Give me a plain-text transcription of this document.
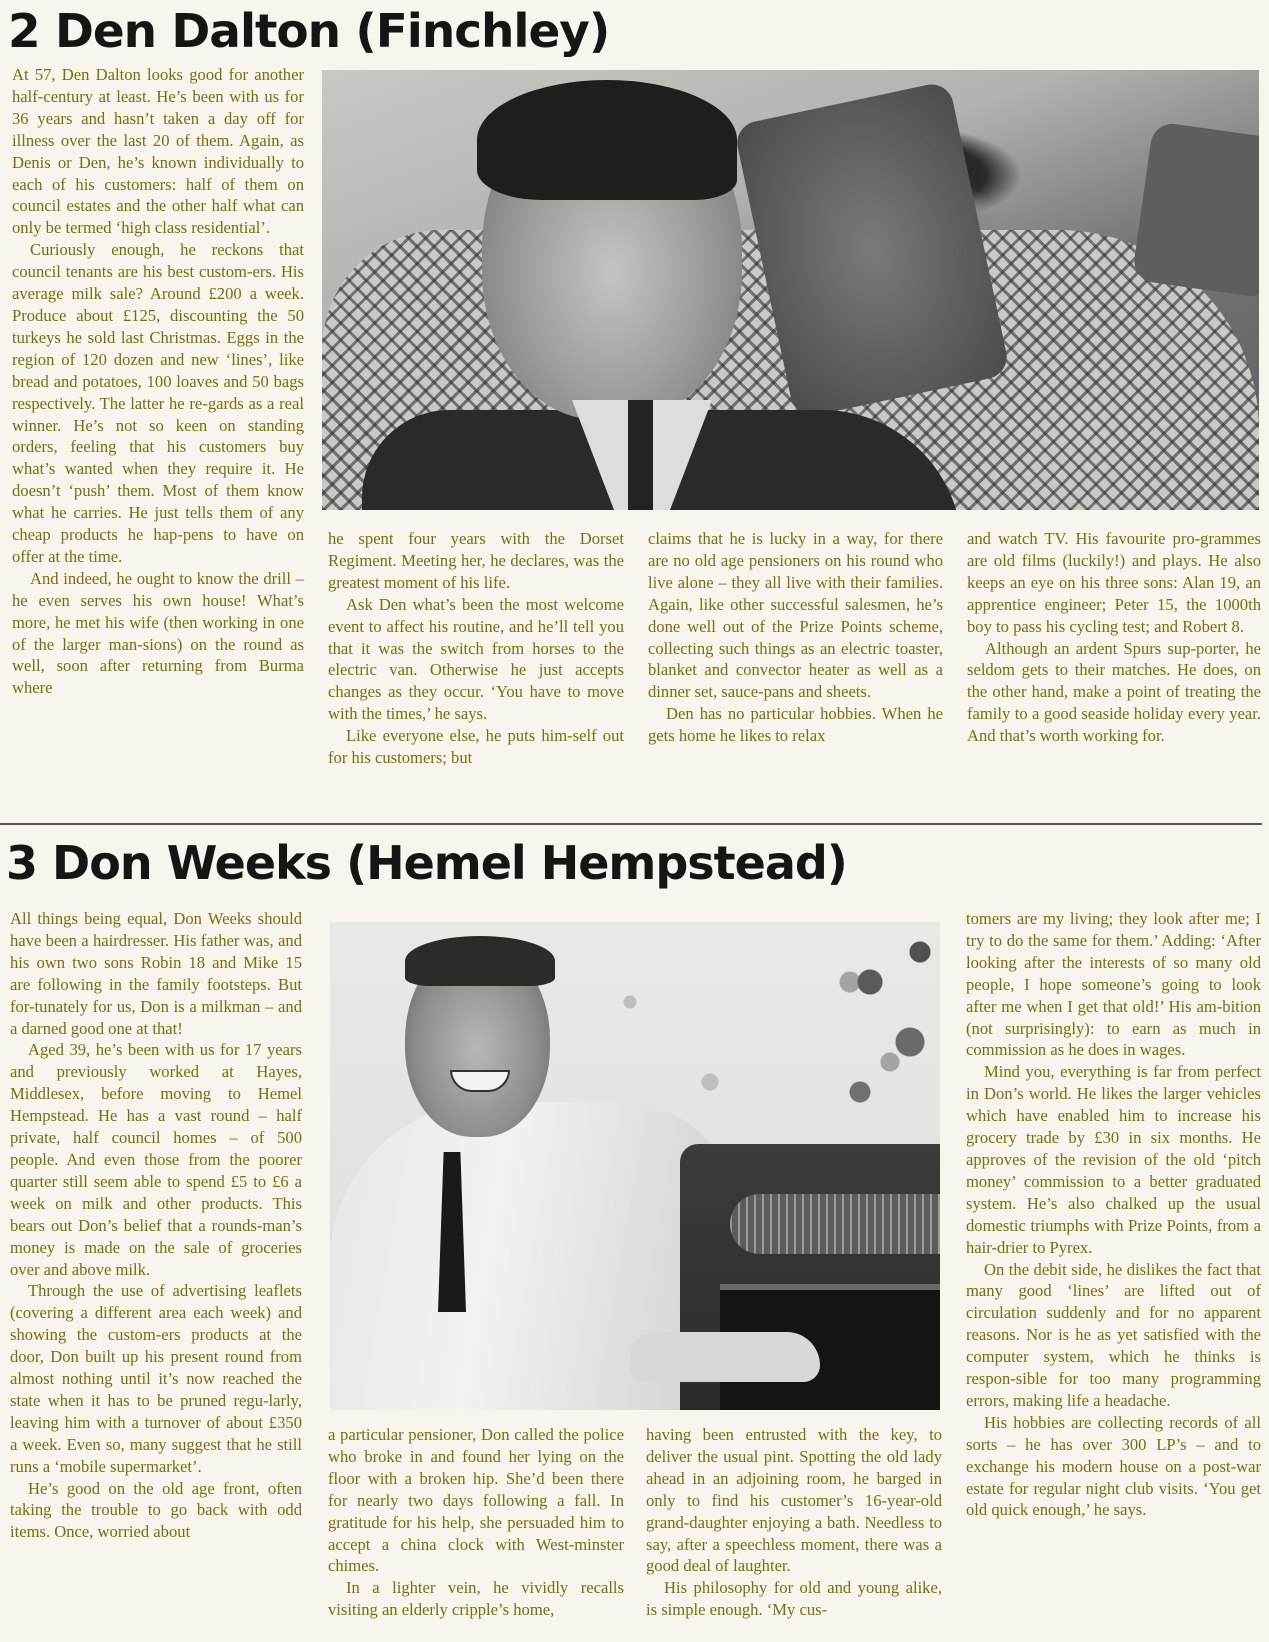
2 Den Dalton (Finchley)

At 57, Den Dalton looks good for another half-century at least. He’s been with us for 36 years and hasn’t taken a day off for illness over the last 20 of them. Again, as Denis or Den, he’s known individually to each of his customers: half of them on council estates and the other half what can only be termed ‘high class residential’.

Curiously enough, he reckons that council tenants are his best custom-ers. His average milk sale? Around £200 a week. Produce about £125, discounting the 50 turkeys he sold last Christmas. Eggs in the region of 120 dozen and new ‘lines’, like bread and potatoes, 100 loaves and 50 bags respectively. The latter he re-gards as a real winner. He’s not so keen on standing orders, feeling that his customers buy what’s wanted when they require it. He doesn’t ‘push’ them. Most of them know what he carries. He just tells them of any cheap products he hap-pens to have on offer at the time.

And indeed, he ought to know the drill – he even serves his own house! What’s more, he met his wife (then working in one of the larger man-sions) on the round as well, soon after returning from Burma where

he spent four years with the Dorset Regiment. Meeting her, he declares, was the greatest moment of his life.

Ask Den what’s been the most welcome event to affect his routine, and he’ll tell you that it was the switch from horses to the electric van. Otherwise he just accepts changes as they occur. ‘You have to move with the times,’ he says.

Like everyone else, he puts him-self out for his customers; but

claims that he is lucky in a way, for there are no old age pensioners on his round who live alone – they all live with their families. Again, like other successful salesmen, he’s done well out of the Prize Points scheme, collecting such things as an electric toaster, blanket and convector heater as well as a dinner set, sauce-pans and sheets.

Den has no particular hobbies. When he gets home he likes to relax

and watch TV. His favourite pro-grammes are old films (luckily!) and plays. He also keeps an eye on his three sons: Alan 19, an apprentice engineer; Peter 15, the 1000th boy to pass his cycling test; and Robert 8.

Although an ardent Spurs sup-porter, he seldom gets to their matches. He does, on the other hand, make a point of treating the family to a good seaside holiday every year. And that’s worth working for.

3 Don Weeks (Hemel Hempstead)

All things being equal, Don Weeks should have been a hairdresser. His father was, and his own two sons Robin 18 and Mike 15 are following in the family footsteps. But for-tunately for us, Don is a milkman – and a darned good one at that!

Aged 39, he’s been with us for 17 years and previously worked at Hayes, Middlesex, before moving to Hemel Hempstead. He has a vast round – half private, half council homes – of 500 people. And even those from the poorer quarter still seem able to spend £5 to £6 a week on milk and other products. This bears out Don’s belief that a rounds-man’s money is made on the sale of groceries over and above milk.

Through the use of advertising leaflets (covering a different area each week) and showing the custom-ers products at the door, Don built up his present round from almost nothing until it’s now reached the state when it has to be pruned regu-larly, leaving him with a turnover of about £350 a week. Even so, many suggest that he still runs a ‘mobile supermarket’.

He’s good on the old age front, often taking the trouble to go back with odd items. Once, worried about

a particular pensioner, Don called the police who broke in and found her lying on the floor with a broken hip. She’d been there for nearly two days following a fall. In gratitude for his help, she persuaded him to accept a china clock with West-minster chimes.

In a lighter vein, he vividly recalls visiting an elderly cripple’s home,

having been entrusted with the key, to deliver the usual pint. Spotting the old lady ahead in an adjoining room, he barged in only to find his customer’s 16-year-old grand-daughter enjoying a bath. Needless to say, after a speechless moment, there was a good deal of laughter.

His philosophy for old and young alike, is simple enough. ‘My cus-

tomers are my living; they look after me; I try to do the same for them.’ Adding: ‘After looking after the interests of so many old people, I hope someone’s going to look after me when I get that old!’ His am-bition (not surprisingly): to earn as much in commission as he does in wages.

Mind you, everything is far from perfect in Don’s world. He likes the larger vehicles which have enabled him to increase his grocery trade by £30 in six months. He approves of the revision of the old ‘pitch money’ commission to a better graduated system. He’s also chalked up the usual domestic triumphs with Prize Points, from a hair-drier to Pyrex.

On the debit side, he dislikes the fact that many good ‘lines’ are lifted out of circulation suddenly and for no apparent reasons. Nor is he as yet satisfied with the computer system, which he thinks is respon-sible for too many programming errors, making life a headache.

His hobbies are collecting records of all sorts – he has over 300 LP’s – and to exchange his modern house on a post-war estate for regular night club visits. ‘You get old quick enough,’ he says.
